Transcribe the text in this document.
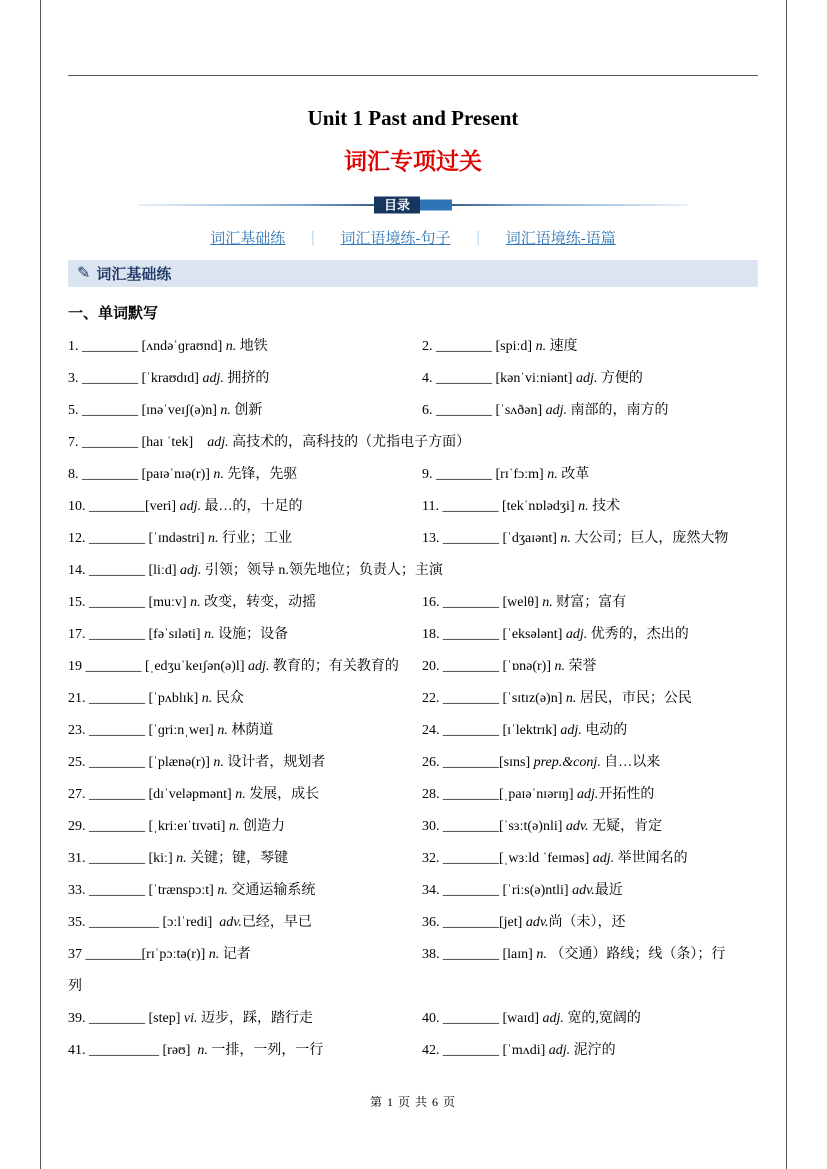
Unit 1 Past and Present
词汇专项过关
目录
词汇基础练 | 词汇语境练-句子 | 词汇语境练-语篇
✎ 词汇基础练
一、单词默写
1. ________ [ʌndəˈɡraʊnd] n. 地铁	2. ________ [spiːd] n. 速度
3. ________ [ˈkraʊdɪd] adj. 拥挤的	4. ________ [kənˈviːniənt] adj. 方便的
5. ________ [ɪnəˈveɪʃ(ə)n] n. 创新	6. ________ [ˈsʌðən] adj. 南部的，南方的
7. ________ [haɪ ˈtek]    adj. 高技术的，高科技的（尤指电子方面）
8. ________ [paɪəˈnɪə(r)] n. 先锋，先驱	9. ________ [rɪˈfɔːm] n. 改革
10. ________[veri] adj. 最…的，十足的	11. ________ [tekˈnɒlədʒi] n. 技术
12. ________ [ˈɪndəstri] n. 行业；工业	13. ________ [ˈdʒaɪənt] n. 大公司；巨人，庞然大物
14. ________ [liːd] adj. 引领；领导 n.领先地位；负责人；主演
15. ________ [muːv] n. 改变，转变，动摇	16. ________ [welθ] n. 财富；富有
17. ________ [fəˈsɪləti] n. 设施；设备	18. ________ [ˈeksələnt] adj. 优秀的，杰出的
19 ________ [ˌedʒuˈkeɪʃən(ə)l] adj. 教育的；有关教育的	20. ________ [ˈɒnə(r)] n. 荣誉
21. ________ [ˈpʌblɪk] n. 民众	22. ________ [ˈsɪtɪz(ə)n] n. 居民，市民；公民
23. ________ [ˈɡriːnˌweɪ] n. 林荫道	24. ________ [ɪˈlektrɪk] adj. 电动的
25. ________ [ˈplænə(r)] n. 设计者，规划者	26. ________[sɪns] prep.&conj. 自…以来
27. ________ [dɪˈveləpmənt] n. 发展，成长	28. ________[ˌpaɪəˈnɪərɪŋ] adj.开拓性的
29. ________ [ˌkriːeɪˈtɪvəti] n. 创造力	30. ________[ˈsɜːt(ə)nli] adv. 无疑，肯定
31. ________ [kiː] n. 关键；键，琴键	32. ________[ˌwɜːld ˈfeɪməs] adj. 举世闻名的
33. ________ [ˈtrænspɔːt] n. 交通运输系统	34. ________ [ˈriːs(ə)ntli] adv.最近
35. __________ [ɔːlˈredi]  adv.已经，早已	36. ________[jet] adv.尚（未），还
37 ________[rɪˈpɔːtə(r)] n. 记者	38. ________ [laɪn] n. （交通）路线；线（条）；行
列
39. ________ [step] vi. 迈步，踩，踏行走	40. ________ [waɪd] adj. 宽的,宽阔的
41. __________ [rəʊ]  n. 一排，一列，一行	42. ________ [ˈmʌdi] adj. 泥泞的
第 1 页 共 6 页
